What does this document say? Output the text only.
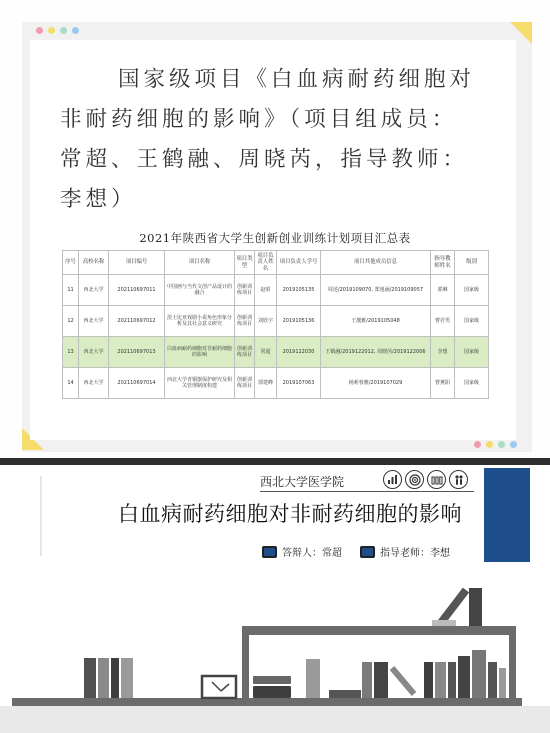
国家级项目《白血病耐药细胞对非耐药细胞的影响》（项目组成员：常超、王鹤融、周晓芮，指导教师：李想）
2021年陕西省大学生创新创业训练计划项目汇总表
序号	高校名称	项目编号	项目名称	项目类型	项目负责人姓名	项目负责人学号	项目其他成员信息	指导教师姓名	级别
11	西北大学	202110697011	中国画与当代文创产品设计的融合	创新训练项目	赵昭	2019105135	周述/2019109070, 郑逸涵/2019109057	郭琳	国家级
12	西北大学	202110697012	茨士比亚戏剧小说角色形象分析及其社会意义研究	创新训练项目	刘欣宇	2019105136	王靓雅/2019105048	曹若男	国家级
13	西北大学	202110697013	白血病耐药细胞对非耐药细胞的影响	创新训练项目	常超	2019122030	王鹤融/2019122012, 周晓芮/2019122006	李想	国家级
14	西北大学	202110697014	西北大学青铜器保护研究及相关管理制度构建	创新训练项目	郭建峰	2019107063	杨莉蓉雅/2019107029	曹薰阳	国家级
西北大学医学院
白血病耐药细胞对非耐药细胞的影响
答辩人：常超	指导老师：李想
